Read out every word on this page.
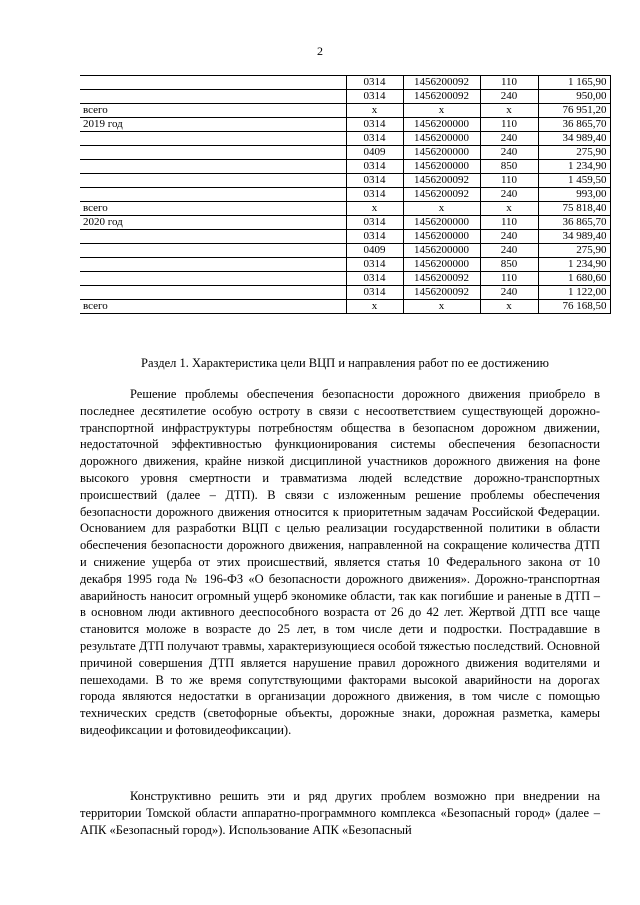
2
	0314	1456200092	110	1 165,90
	0314	1456200092	240	950,00
всего	х	х	х	76 951,20
2019 год	0314	1456200000	110	36 865,70
	0314	1456200000	240	34 989,40
	0409	1456200000	240	275,90
	0314	1456200000	850	1 234,90
	0314	1456200092	110	1 459,50
	0314	1456200092	240	993,00
всего	х	х	х	75 818,40
2020 год	0314	1456200000	110	36 865,70
	0314	1456200000	240	34 989,40
	0409	1456200000	240	275,90
	0314	1456200000	850	1 234,90
	0314	1456200092	110	1 680,60
	0314	1456200092	240	1 122,00
всего	х	х	х	76 168,50
Раздел 1. Характеристика цели ВЦП и направления работ по ее достижению

Решение проблемы обеспечения безопасности дорожного движения приобрело в последнее десятилетие особую остроту в связи с несоответствием существующей дорожно-транспортной инфраструктуры потребностям общества в безопасном дорожном движении, недостаточной эффективностью функционирования системы обеспечения безопасности дорожного движения, крайне низкой дисциплиной участников дорожного движения на фоне высокого уровня смертности и травматизма людей вследствие дорожно-транспортных происшествий (далее – ДТП). В связи с изложенным решение проблемы обеспечения безопасности дорожного движения относится к приоритетным задачам Российской Федерации. Основанием для разработки ВЦП с целью реализации государственной политики в области обеспечения безопасности дорожного движения, направленной на сокращение количества ДТП и снижение ущерба от этих происшествий, является статья 10 Федерального закона от 10 декабря 1995 года № 196-ФЗ «О безопасности дорожного движения». Дорожно-транспортная аварийность наносит огромный ущерб экономике области, так как погибшие и раненые в ДТП – в основном люди активного дееспособного возраста от 26 до 42 лет. Жертвой ДТП все чаще становится моложе в возрасте до 25 лет, в том числе дети и подростки. Пострадавшие в результате ДТП получают травмы, характеризующиеся особой тяжестью последствий. Основной причиной совершения ДТП является нарушение правил дорожного движения водителями и пешеходами. В то же время сопутствующими факторами высокой аварийности на дорогах города являются недостатки в организации дорожного движения, в том числе с помощью технических средств (светофорные объекты, дорожные знаки, дорожная разметка, камеры видеофиксации и фотовидеофиксации).

Конструктивно решить эти и ряд других проблем возможно при внедрении на территории Томской области аппаратно-программного комплекса «Безопасный город» (далее – АПК «Безопасный город»). Использование АПК «Безопасный
